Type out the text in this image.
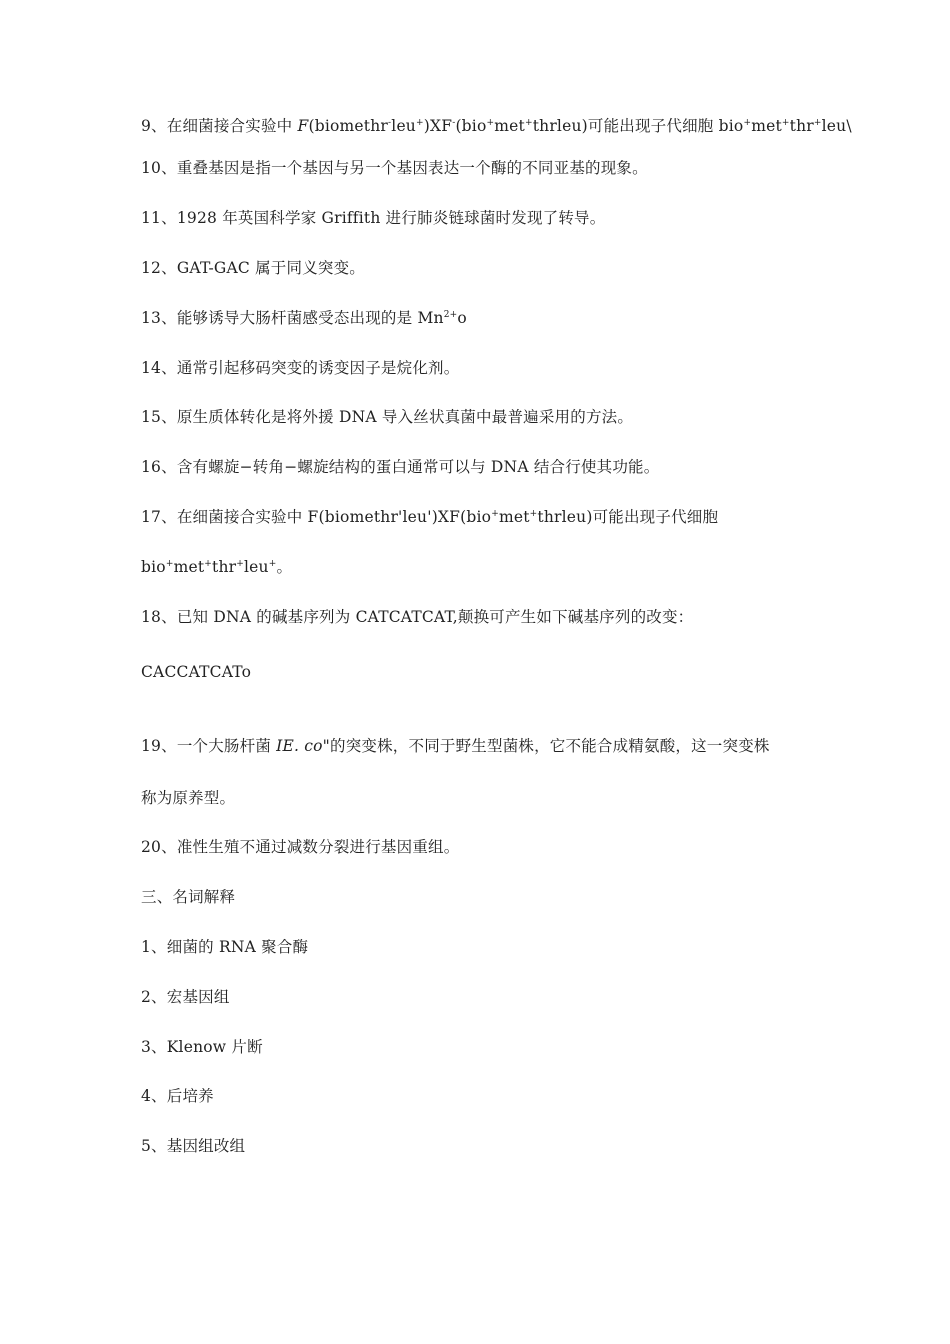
9、在细菌接合实验中 F(biomethr-leu+)XF-(bio+met+thrleu)可能出现子代细胞 bio+met+thr+leu\
10、重叠基因是指一个基因与另一个基因表达一个酶的不同亚基的现象。
11、1928 年英国科学家 Griffith 进行肺炎链球菌时发现了转导。
12、GAT-GAC 属于同义突变。
13、能够诱导大肠杆菌感受态出现的是 $Mn^{2+}o$
14、通常引起移码突变的诱变因子是烷化剂。
15、原生质体转化是将外援 DNA 导入丝状真菌中最普遍采用的方法。
16、含有螺旋−转角−螺旋结构的蛋白通常可以与 DNA 结合行使其功能。
17、在细菌接合实验中 F(biomethr'leu')XF(bio+met+thrleu)可能出现子代细胞
bio+met+thr+leu+。
18、已知 DNA 的碱基序列为 CATCATCAT,颠换可产生如下碱基序列的改变：
CACCATCATo
19、一个大肠杆菌 IE. co"的突变株，不同于野生型菌株，它不能合成精氨酸，这一突变株
称为原养型。
20、准性生殖不通过减数分裂进行基因重组。
三、名词解释
1、细菌的 RNA 聚合酶
2、宏基因组
3、Klenow 片断
4、后培养
5、基因组改组
